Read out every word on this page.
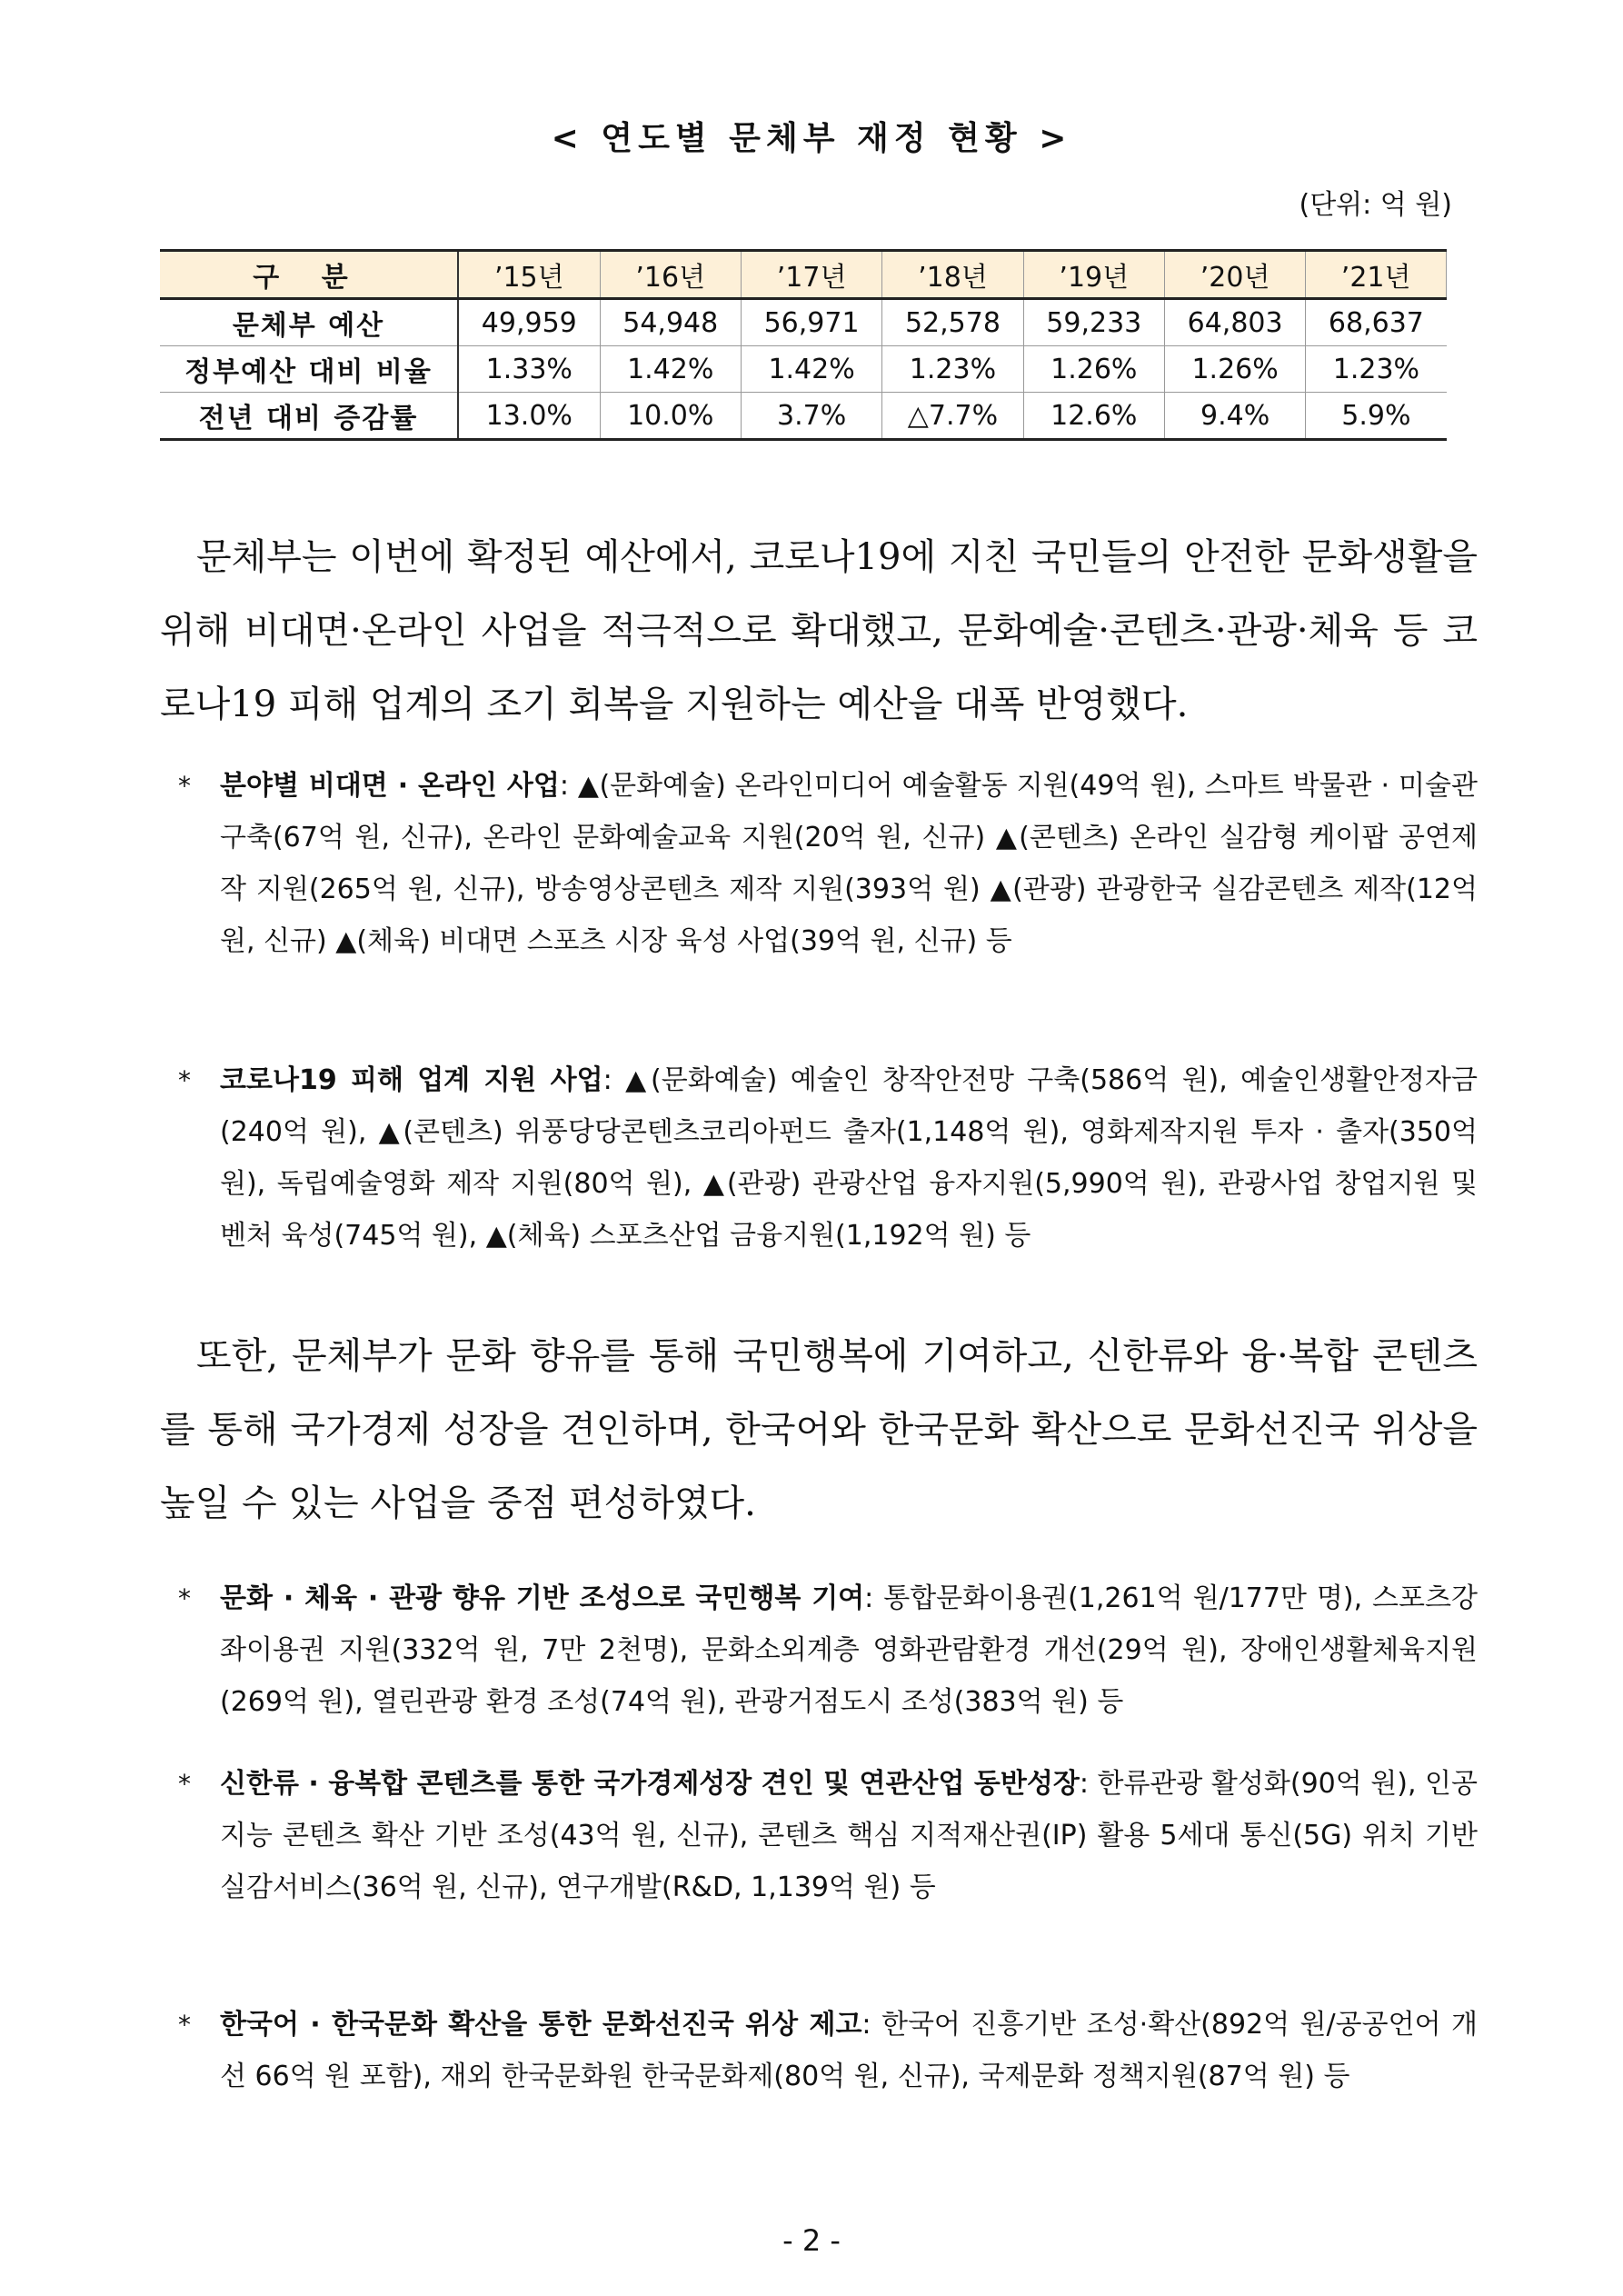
< 연도별 문체부 재정 현황 >
(단위: 억 원)
구 분	’15년	’16년	’17년	’18년	’19년	’20년	’21년
문체부 예산	49,959	54,948	56,971	52,578	59,233	64,803	68,637
정부예산 대비 비율	1.33%	1.42%	1.42%	1.23%	1.26%	1.26%	1.23%
전년 대비 증감률	13.0%	10.0%	3.7%	△7.7%	12.6%	9.4%	5.9%
문체부는 이번에 확정된 예산에서, 코로나19에 지친 국민들의 안전한 문화생활을 위해 비대면·온라인 사업을 적극적으로 확대했고, 문화예술·콘텐츠·관광·체육 등 코로나19 피해 업계의 조기 회복을 지원하는 예산을 대폭 반영했다.
* 분야별 비대면 · 온라인 사업: ▲(문화예술) 온라인미디어 예술활동 지원(49억 원), 스마트 박물관 · 미술관 구축(67억 원, 신규), 온라인 문화예술교육 지원(20억 원, 신규) ▲(콘텐츠) 온라인 실감형 케이팝 공연제작 지원(265억 원, 신규), 방송영상콘텐츠 제작 지원(393억 원) ▲(관광) 관광한국 실감콘텐츠 제작(12억 원, 신규) ▲(체육) 비대면 스포츠 시장 육성 사업(39억 원, 신규) 등
* 코로나19 피해 업계 지원 사업: ▲(문화예술) 예술인 창작안전망 구축(586억 원), 예술인생활안정자금(240억 원), ▲(콘텐츠) 위풍당당콘텐츠코리아펀드 출자(1,148억 원), 영화제작지원 투자 · 출자(350억 원), 독립예술영화 제작 지원(80억 원), ▲(관광) 관광산업 융자지원(5,990억 원), 관광사업 창업지원 및 벤처 육성(745억 원), ▲(체육) 스포츠산업 금융지원(1,192억 원) 등
또한, 문체부가 문화 향유를 통해 국민행복에 기여하고, 신한류와 융·복합 콘텐츠를 통해 국가경제 성장을 견인하며, 한국어와 한국문화 확산으로 문화선진국 위상을 높일 수 있는 사업을 중점 편성하였다.
* 문화 · 체육 · 관광 향유 기반 조성으로 국민행복 기여: 통합문화이용권(1,261억 원/177만 명), 스포츠강좌이용권 지원(332억 원, 7만 2천명), 문화소외계층 영화관람환경 개선(29억 원), 장애인생활체육지원(269억 원), 열린관광 환경 조성(74억 원), 관광거점도시 조성(383억 원) 등
* 신한류 · 융복합 콘텐츠를 통한 국가경제성장 견인 및 연관산업 동반성장: 한류관광 활성화(90억 원), 인공지능 콘텐츠 확산 기반 조성(43억 원, 신규), 콘텐츠 핵심 지적재산권(IP) 활용 5세대 통신(5G) 위치 기반 실감서비스(36억 원, 신규), 연구개발(R&D, 1,139억 원) 등
* 한국어 · 한국문화 확산을 통한 문화선진국 위상 제고: 한국어 진흥기반 조성·확산(892억 원/공공언어 개선 66억 원 포함), 재외 한국문화원 한국문화제(80억 원, 신규), 국제문화 정책지원(87억 원) 등
- 2 -
